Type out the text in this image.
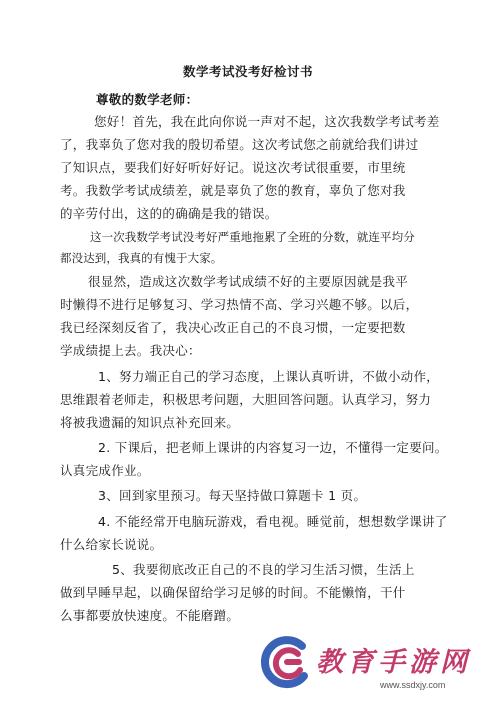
数学考试没考好检讨书
尊敬的数学老师：
您好！首先，我在此向你说一声对不起，这次我数学考试考差
了，我辜负了您对我的殷切希望。这次考试您之前就给我们讲过
了知识点，要我们好好听好好记。说这次考试很重要，市里统
考。我数学考试成绩差，就是辜负了您的教育，辜负了您对我
的辛劳付出，这的的确确是我的错误。
这一次我数学考试没考好严重地拖累了全班的分数，就连平均分
都没达到，我真的有愧于大家。
很显然，造成这次数学考试成绩不好的主要原因就是我平
时懒得不进行足够复习、学习热情不高、学习兴趣不够。以后，
我已经深刻反省了，我决心改正自己的不良习惯，一定要把数
学成绩提上去。我决心：
1、努力端正自己的学习态度，上课认真听讲，不做小动作，
思维跟着老师走，积极思考问题，大胆回答问题。认真学习，努力
将被我遗漏的知识点补充回来。
2. 下课后，把老师上课讲的内容复习一边，不懂得一定要问。
认真完成作业。
3、回到家里预习。每天坚持做口算题卡 1 页。
4. 不能经常开电脑玩游戏，看电视。睡觉前，想想数学课讲了
什么给家长说说。
5、我要彻底改正自己的不良的学习生活习惯，生活上
做到早睡早起，以确保留给学习足够的时间。不能懒惰，干什
么事都要放快速度。不能磨蹭。
教育手游网
www.ssdxjy.com
